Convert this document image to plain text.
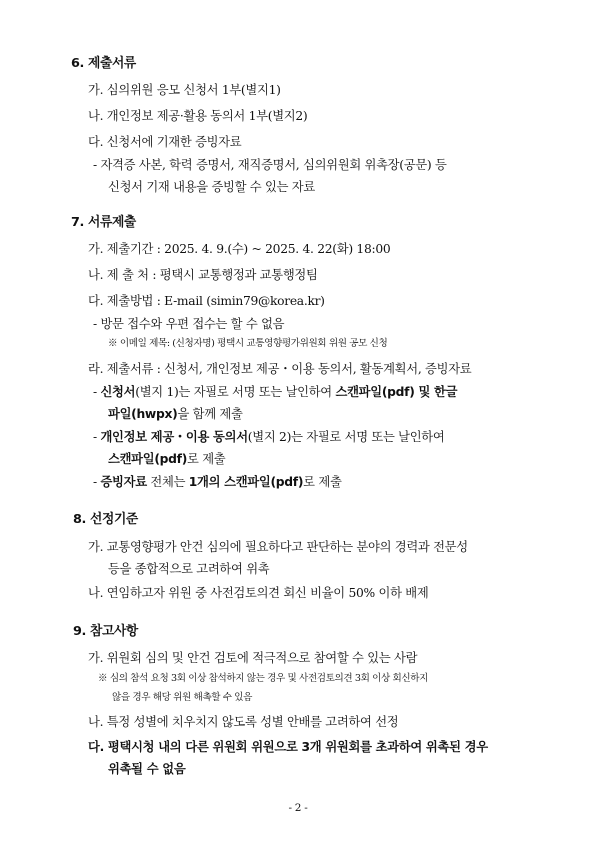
6. 제출서류
가. 심의위원 응모 신청서 1부(별지1)
나. 개인정보 제공·활용 동의서 1부(별지2)
다. 신청서에 기재한 증빙자료
- 자격증 사본, 학력 증명서, 재직증명서, 심의위원회 위촉장(공문) 등
신청서 기재 내용을 증빙할 수 있는 자료
7. 서류제출
가. 제출기간 : 2025. 4. 9.(수) ~ 2025. 4. 22(화) 18:00
나. 제 출 처 : 평택시 교통행정과 교통행정팀
다. 제출방법 : E-mail (simin79@korea.kr)
- 방문 접수와 우편 접수는 할 수 없음
※ 이메일 제목: (신청자명) 평택시 교통영향평가위원회 위원 공모 신청
라. 제출서류 : 신청서, 개인정보 제공・이용 동의서, 활동계획서, 증빙자료
- 신청서(별지 1)는 자필로 서명 또는 날인하여 스캔파일(pdf) 및 한글
파일(hwpx)을 함께 제출
- 개인정보 제공・이용 동의서(별지 2)는 자필로 서명 또는 날인하여
스캔파일(pdf)로 제출
- 증빙자료 전체는 1개의 스캔파일(pdf)로 제출
8. 선정기준
가. 교통영향평가 안건 심의에 필요하다고 판단하는 분야의 경력과 전문성
등을 종합적으로 고려하여 위촉
나. 연임하고자 위원 중 사전검토의견 회신 비율이 50% 이하 배제
9. 참고사항
가. 위원회 심의 및 안건 검토에 적극적으로 참여할 수 있는 사람
※ 심의 참석 요청 3회 이상 참석하지 않는 경우 및 사전검토의견 3회 이상 회신하지
않을 경우 해당 위원 해촉할 수 있음
나. 특정 성별에 치우치지 않도록 성별 안배를 고려하여 선정
다. 평택시청 내의 다른 위원회 위원으로 3개 위원회를 초과하여 위촉된 경우
위촉될 수 없음
- 2 -
